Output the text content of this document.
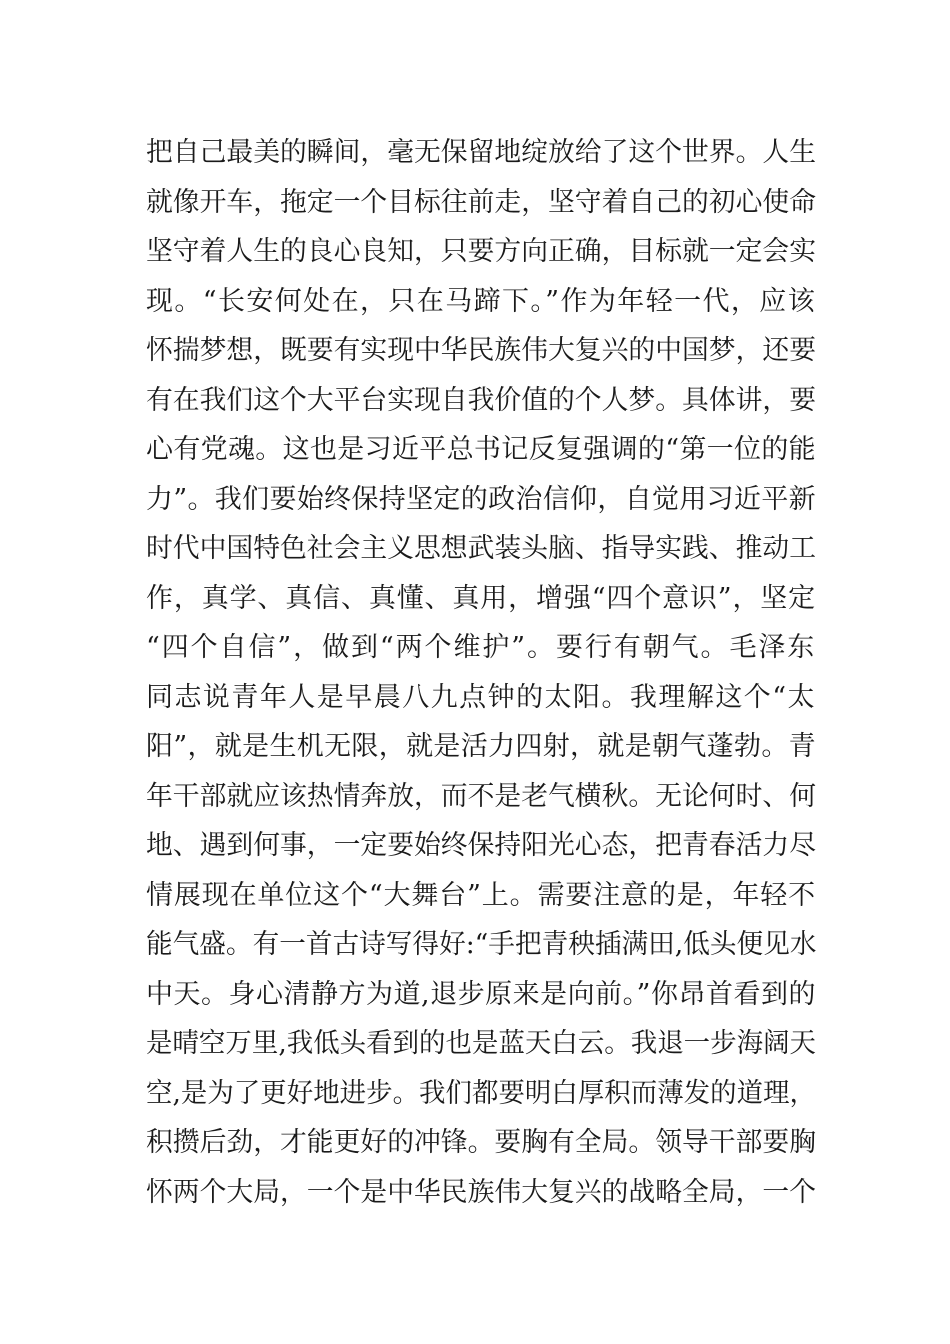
把自己最美的瞬间，毫无保留地绽放给了这个世界。人生
就像开车，拖定一个目标往前走，坚守着自己的初心使命
坚守着人生的良心良知，只要方向正确，目标就一定会实
现。“长安何处在，只在马蹄下。”作为年轻一代，应该
怀揣梦想，既要有实现中华民族伟大复兴的中国梦，还要
有在我们这个大平台实现自我价值的个人梦。具体讲，要
心有党魂。这也是习近平总书记反复强调的“第一位的能
力”。我们要始终保持坚定的政治信仰，自觉用习近平新
时代中国特色社会主义思想武装头脑、指导实践、推动工
作，真学、真信、真懂、真用，增强“四个意识”，坚定
“四个自信”，做到“两个维护”。要行有朝气。毛泽东
同志说青年人是早晨八九点钟的太阳。我理解这个“太
阳”，就是生机无限，就是活力四射，就是朝气蓬勃。青
年干部就应该热情奔放，而不是老气横秋。无论何时、何
地、遇到何事，一定要始终保持阳光心态，把青春活力尽
情展现在单位这个“大舞台”上。需要注意的是，年轻不
能气盛。有一首古诗写得好:“手把青秧插满田,低头便见水
中天。身心清静方为道,退步原来是向前。”你昂首看到的
是晴空万里,我低头看到的也是蓝天白云。我退一步海阔天
空,是为了更好地进步。我们都要明白厚积而薄发的道理，
积攒后劲，才能更好的冲锋。要胸有全局。领导干部要胸
怀两个大局，一个是中华民族伟大复兴的战略全局，一个
